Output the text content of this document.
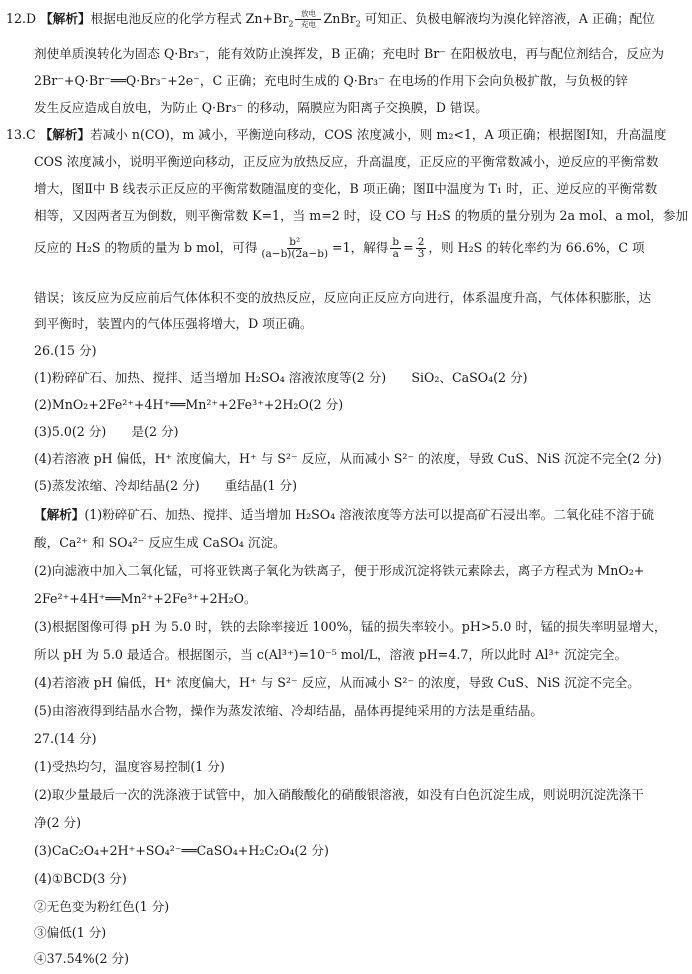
12.D 【解析】根据电池反应的化学方程式 $Zn+Br_2$
放电
充电 ZnBr$_2$ 可知正、负极电解液均为溴化锌溶液，A 正确；配位
剂使单质溴转化为固态 Q·Br₃⁻，能有效防止溴挥发，B 正确；充电时 Br⁻ 在阳极放电，再与配位剂结合，反应为
2Br⁻+Q·Br⁻══Q·Br₃⁻+2e⁻，C 正确；充电时生成的 Q·Br₃⁻ 在电场的作用下会向负极扩散，与负极的锌
发生反应造成自放电，为防止 Q·Br₃⁻ 的移动，隔膜应为阳离子交换膜，D 错误。
13.C 【解析】若减小 n(CO)，m 减小，平衡逆向移动，COS 浓度减小，则 m₂<1，A 项正确；根据图Ⅰ知，升高温度
COS 浓度减小，说明平衡逆向移动，正反应为放热反应，升高温度，正反应的平衡常数减小，逆反应的平衡常数
增大，图Ⅱ中 B 线表示正反应的平衡常数随温度的变化，B 项正确；图Ⅱ中温度为 T₁ 时，正、逆反应的平衡常数
相等，又因两者互为倒数，则平衡常数 K=1，当 m=2 时，设 CO 与 H₂S 的物质的量分别为 2a mol、a mol，参加
反应的 H₂S 的物质的量为 b mol，可得 $\frac{\text{b²}}{(a-b)(2a-b)} =1$，解得 $\frac{b}{a} = \frac{2}{3}$ ，则 H₂S 的转化率约为 66.6%，C 项
错误；该反应为反应前后气体体积不变的放热反应，反应向正反应方向进行，体系温度升高，气体体积膨胀，达
到平衡时，装置内的气体压强将增大，D 项正确。
26.(15 分)
(1)粉碎矿石、加热、搅拌、适当增加 H₂SO₄ 溶液浓度等(2 分)　　SiO₂、CaSO₄(2 分)
(2)MnO₂+2Fe²⁺+4H⁺══Mn²⁺+2Fe³⁺+2H₂O(2 分)
(3)5.0(2 分)　　是(2 分)
(4)若溶液 pH 偏低，H⁺ 浓度偏大，H⁺ 与 S²⁻ 反应，从而减小 S²⁻ 的浓度，导致 CuS、NiS 沉淀不完全(2 分)
(5)蒸发浓缩、冷却结晶(2 分)　　重结晶(1 分)
【解析】(1)粉碎矿石、加热、搅拌、适当增加 H₂SO₄ 溶液浓度等方法可以提高矿石浸出率。二氧化硅不溶于硫
酸，Ca²⁺ 和 SO₄²⁻ 反应生成 CaSO₄ 沉淀。
(2)向滤液中加入二氧化锰，可将亚铁离子氧化为铁离子，便于形成沉淀将铁元素除去，离子方程式为 MnO₂+
2Fe²⁺+4H⁺══Mn²⁺+2Fe³⁺+2H₂O。
(3)根据图像可得 pH 为 5.0 时，铁的去除率接近 100%，锰的损失率较小。pH>5.0 时，锰的损失率明显增大，
所以 pH 为 5.0 最适合。根据图示，当 c(Al³⁺)=10⁻⁵ mol/L，溶液 pH=4.7，所以此时 Al³⁺ 沉淀完全。
(4)若溶液 pH 偏低，H⁺ 浓度偏大，H⁺ 与 S²⁻ 反应，从而减小 S²⁻ 的浓度，导致 CuS、NiS 沉淀不完全。
(5)由溶液得到结晶水合物，操作为蒸发浓缩、冷却结晶，晶体再提纯采用的方法是重结晶。
27.(14 分)
(1)受热均匀，温度容易控制(1 分)
(2)取少量最后一次的洗涤液于试管中，加入硝酸酸化的硝酸银溶液，如没有白色沉淀生成，则说明沉淀洗涤干
净(2 分)
(3)CaC₂O₄+2H⁺+SO₄²⁻══CaSO₄+H₂C₂O₄(2 分)
(4)①BCD(3 分)
②无色变为粉红色(1 分)
③偏低(1 分)
④37.54%(2 分)
